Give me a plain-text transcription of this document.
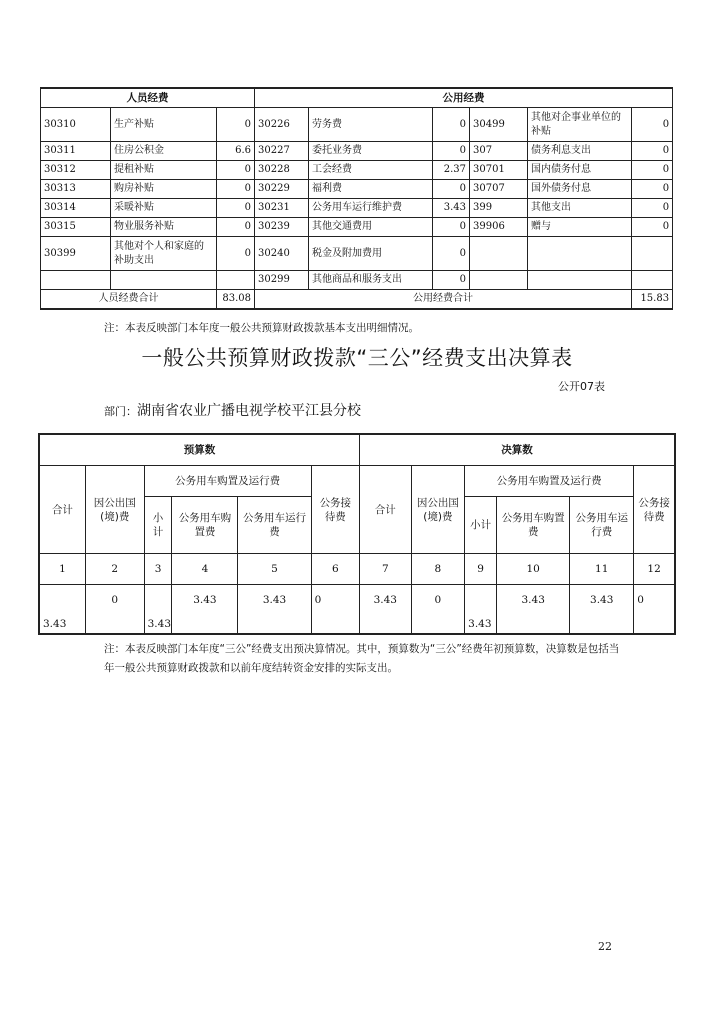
人员经费			公用经费					
30310	生产补贴	0	30226	劳务费	0	30499	其他对企事业单位的补贴	0
30311	住房公积金	6.6	30227	委托业务费	0	307	债务利息支出	0
30312	提租补贴	0	30228	工会经费	2.37	30701	国内债务付息	0
30313	购房补贴	0	30229	福利费	0	30707	国外债务付息	0
30314	采暖补贴	0	30231	公务用车运行维护费	3.43	399	其他支出	0
30315	物业服务补贴	0	30239	其他交通费用	0	39906	赠与	0
30399	其他对个人和家庭的补助支出	0	30240	税金及附加费用	0			
			30299	其他商品和服务支出	0			
人员经费合计		83.08	公用经费合计					15.83
注：本表反映部门本年度一般公共预算财政拨款基本支出明细情况。
一般公共预算财政拨款“三公”经费支出决算表
公开07表
部门：湖南省农业广播电视学校平江县分校
预算数						决算数					
合计	因公出国(境)费	公务用车购置及运行费			公务接待费	合计	因公出国(境)费	公务用车购置及运行费			公务接待费
		小计	公务用车购置费	公务用车运行费				小计	公务用车购置费	公务用车运行费	
1	2	3	4	5	6	7	8	9	10	11	12
3.43	0	3.43	3.43	3.43	0	3.43	0	3.43	3.43	3.43	0
注：本表反映部门本年度“三公”经费支出预决算情况。其中，预算数为“三公”经费年初预算数，决算数是包括当年一般公共预算财政拨款和以前年度结转资金安排的实际支出。
22
